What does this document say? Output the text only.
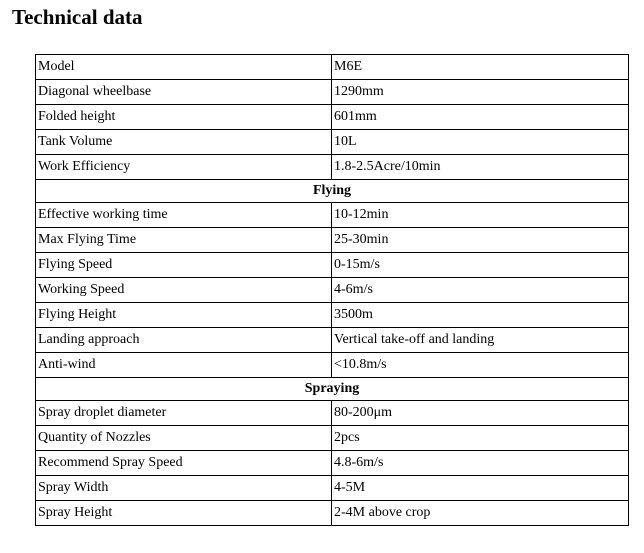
Technical data
Model	M6E
Diagonal wheelbase	1290mm
Folded height	601mm
Tank Volume	10L
Work Efficiency	1.8-2.5Acre/10min
Flying	
Effective working time	10-12min
Max Flying Time	25-30min
Flying Speed	0-15m/s
Working Speed	4-6m/s
Flying Height	3500m
Landing approach	Vertical take-off and landing
Anti-wind	<10.8m/s
Spraying	
Spray droplet diameter	80-200μm
Quantity of Nozzles	2pcs
Recommend Spray Speed	4.8-6m/s
Spray Width	4-5M
Spray Height	2-4M above crop
